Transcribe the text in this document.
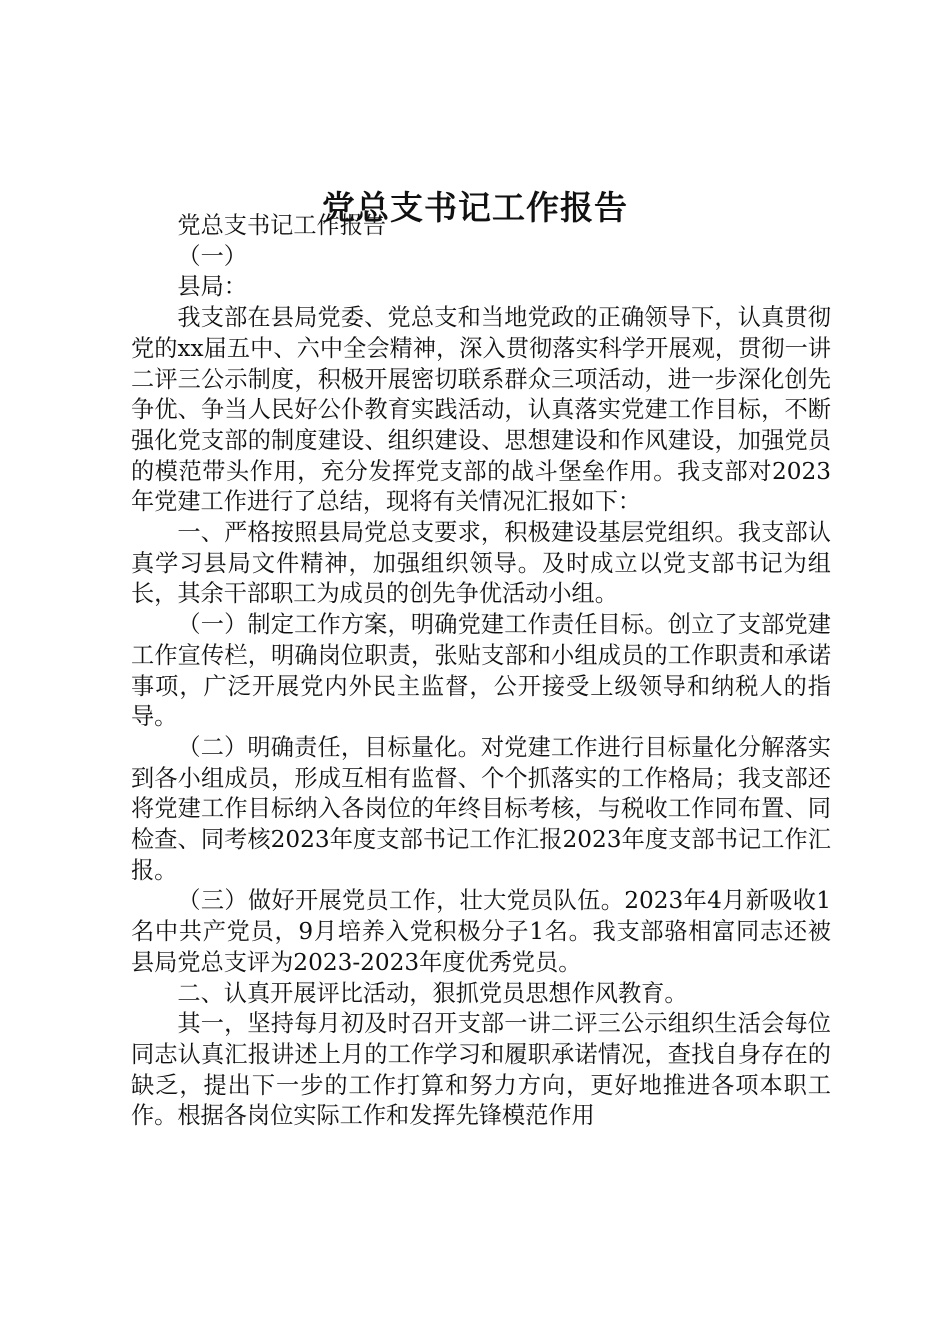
党总支书记工作报告

党总支书记工作报告

（一）

县局：

我支部在县局党委、党总支和当地党政的正确领导下，认真贯彻党的xx届五中、六中全会精神，深入贯彻落实科学开展观，贯彻一讲二评三公示制度，积极开展密切联系群众三项活动，进一步深化创先争优、争当人民好公仆教育实践活动，认真落实党建工作目标，不断强化党支部的制度建设、组织建设、思想建设和作风建设，加强党员的模范带头作用，充分发挥党支部的战斗堡垒作用。我支部对2023年党建工作进行了总结，现将有关情况汇报如下：

一、严格按照县局党总支要求，积极建设基层党组织。我支部认真学习县局文件精神，加强组织领导。及时成立以党支部书记为组长，其余干部职工为成员的创先争优活动小组。

（一）制定工作方案，明确党建工作责任目标。创立了支部党建工作宣传栏，明确岗位职责，张贴支部和小组成员的工作职责和承诺事项，广泛开展党内外民主监督，公开接受上级领导和纳税人的指导。

（二）明确责任，目标量化。对党建工作进行目标量化分解落实到各小组成员，形成互相有监督、个个抓落实的工作格局；我支部还将党建工作目标纳入各岗位的年终目标考核，与税收工作同布置、同检查、同考核2023年度支部书记工作汇报2023年度支部书记工作汇报。

（三）做好开展党员工作，壮大党员队伍。2023年4月新吸收1名中共产党员，9月培养入党积极分子1名。我支部骆相富同志还被县局党总支评为2023-2023年度优秀党员。

二、认真开展评比活动，狠抓党员思想作风教育。

其一，坚持每月初及时召开支部一讲二评三公示组织生活会每位同志认真汇报讲述上月的工作学习和履职承诺情况，查找自身存在的缺乏，提出下一步的工作打算和努力方向，更好地推进各项本职工作。根据各岗位实际工作和发挥先锋模范作用
